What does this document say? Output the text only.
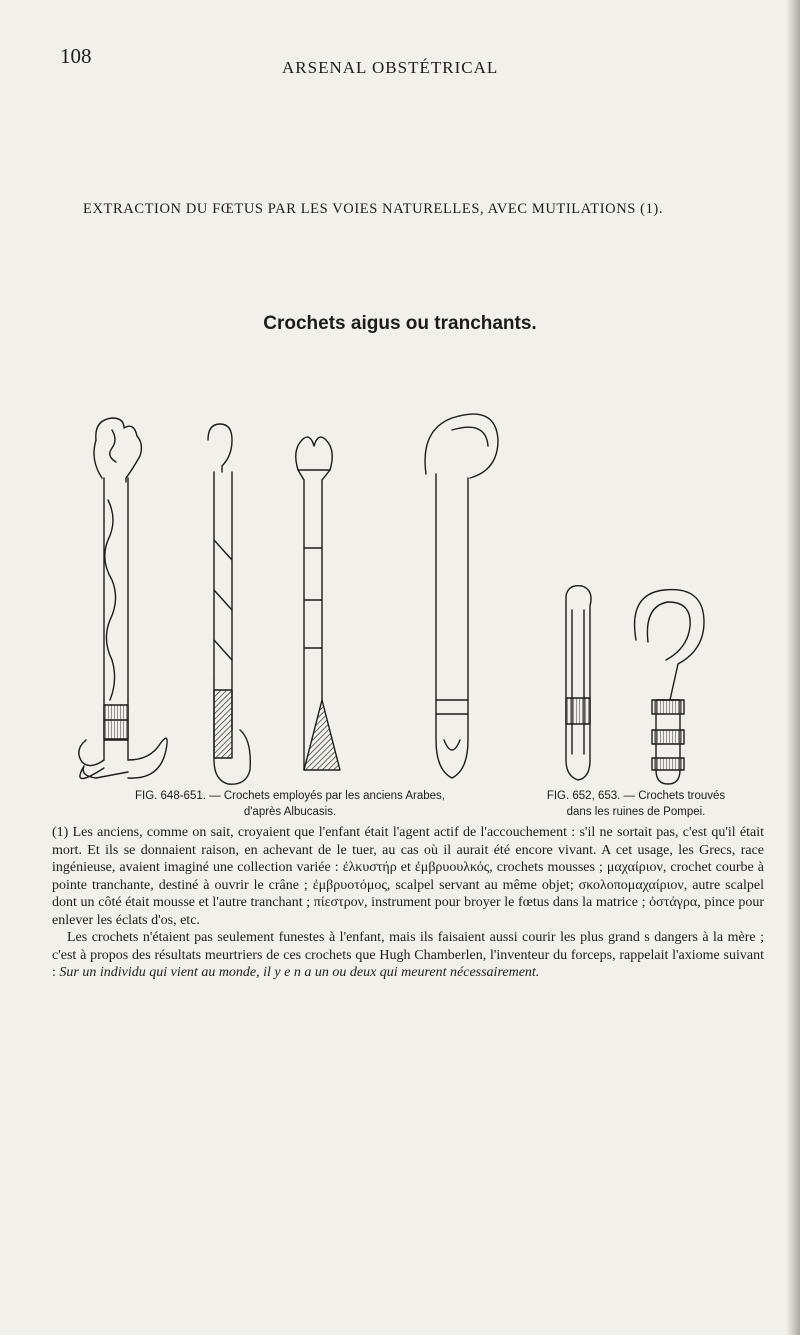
108	ARSENAL OBSTÉTRICAL
EXTRACTION DU FŒTUS PAR LES VOIES NATURELLES, AVEC MUTILATIONS (1).
Crochets aigus ou tranchants.
FIG. 648-651. — Crochets employés par les anciens Arabes,
d'après Albucasis.
FIG. 652, 653. — Crochets trouvés
dans les ruines de Pompei.

(1) Les anciens, comme on sait, croyaient que l'enfant était l'agent actif de l'accouchement : s'il ne sortait pas, c'est qu'il était mort. Et ils se donnaient raison, en achevant de le tuer, au cas où il aurait été encore vivant. A cet usage, les Grecs, race ingénieuse, avaient imaginé une collection variée : ἐλκυστήρ et ἐμβρυουλκός, crochets mousses ; μαχαίριον, crochet courbe à pointe tranchante, destiné à ouvrir le crâne ; ἐμβρυοτόμος, scalpel servant au même objet; σκολοπομαχαίριον, autre scalpel dont un côté était mousse et l'autre tranchant ; πίεστρον, instrument pour broyer le fœtus dans la matrice ; ὀστάγρα, pince pour enlever les éclats d'os, etc.

Les crochets n'étaient pas seulement funestes à l'enfant, mais ils faisaient aussi courir les plus grand s dangers à la mère ; c'est à propos des résultats meurtriers de ces crochets que Hugh Chamberlen, l'inventeur du forceps, rappelait l'axiome suivant : Sur un individu qui vient au monde, il y e n a un ou deux qui meurent nécessairement.
